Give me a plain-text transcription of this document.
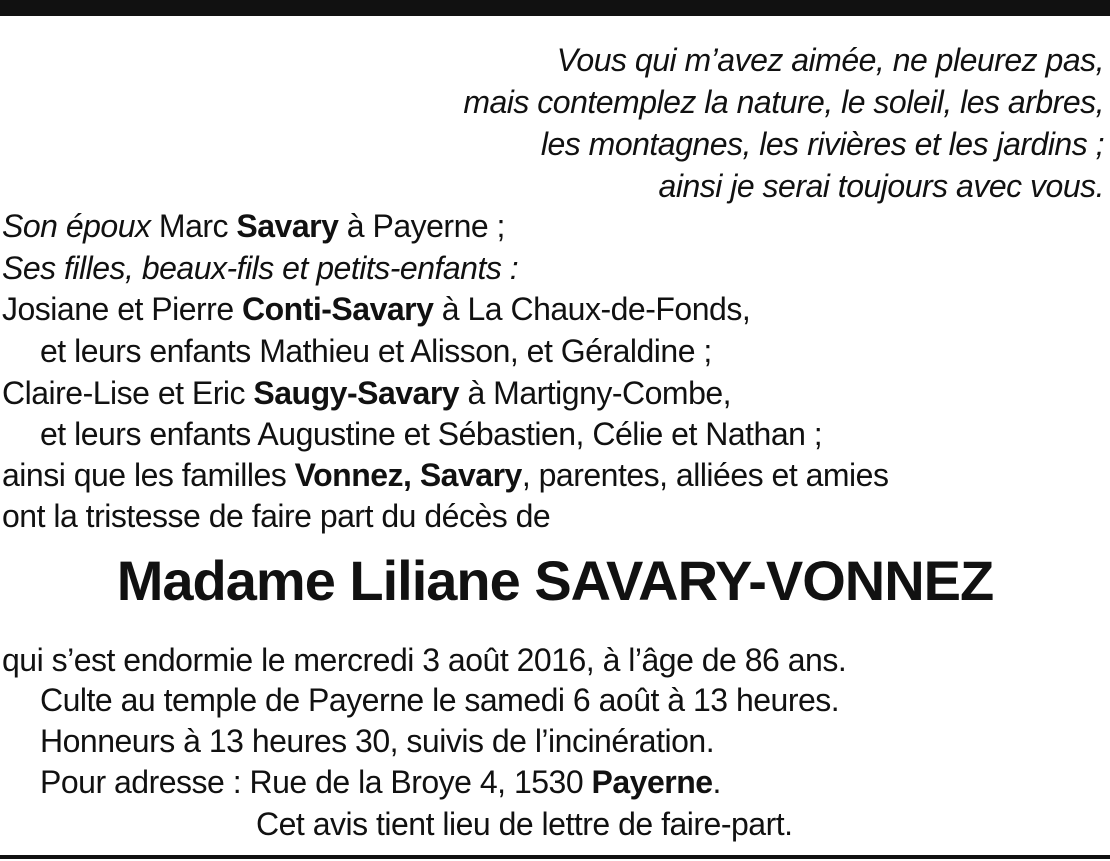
Vous qui m’avez aimée, ne pleurez pas,
mais contemplez la nature, le soleil, les arbres,
les montagnes, les rivières et les jardins ;
ainsi je serai toujours avec vous.
Son époux Marc Savary à Payerne ;
Ses filles, beaux-fils et petits-enfants :
Josiane et Pierre Conti-Savary à La Chaux-de-Fonds,
et leurs enfants Mathieu et Alisson, et Géraldine ;
Claire-Lise et Eric Saugy-Savary à Martigny-Combe,
et leurs enfants Augustine et Sébastien, Célie et Nathan ;
ainsi que les familles Vonnez, Savary, parentes, alliées et amies
ont la tristesse de faire part du décès de
Madame Liliane SAVARY-VONNEZ
qui s’est endormie le mercredi 3 août 2016, à l’âge de 86 ans.
Culte au temple de Payerne le samedi 6 août à 13 heures.
Honneurs à 13 heures 30, suivis de l’incinération.
Pour adresse : Rue de la Broye 4, 1530 Payerne.
Cet avis tient lieu de lettre de faire-part.
